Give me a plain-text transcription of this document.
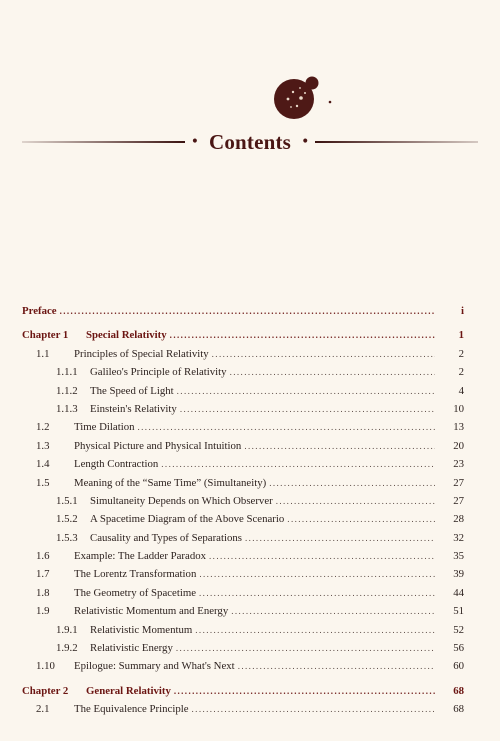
• Contents •
Preface .....	i
Chapter 1	Special Relativity .....	1
1.1	Principles of Special Relativity .....	2
1.1.1	Galileo's Principle of Relativity .....	2
1.1.2	The Speed of Light .....	4
1.1.3	Einstein's Relativity .....	10
1.2	Time Dilation .....	13
1.3	Physical Picture and Physical Intuition .....	20
1.4	Length Contraction .....	23
1.5	Meaning of the “Same Time” (Simultaneity) .....	27
1.5.1	Simultaneity Depends on Which Observer .....	27
1.5.2	A Spacetime Diagram of the Above Scenario .....	28
1.5.3	Causality and Types of Separations .....	32
1.6	Example: The Ladder Paradox .....	35
1.7	The Lorentz Transformation .....	39
1.8	The Geometry of Spacetime .....	44
1.9	Relativistic Momentum and Energy .....	51
1.9.1	Relativistic Momentum .....	52
1.9.2	Relativistic Energy .....	56
1.10	Epilogue: Summary and What's Next .....	60
Chapter 2	General Relativity .....	68
2.1	The Equivalence Principle .....	68
